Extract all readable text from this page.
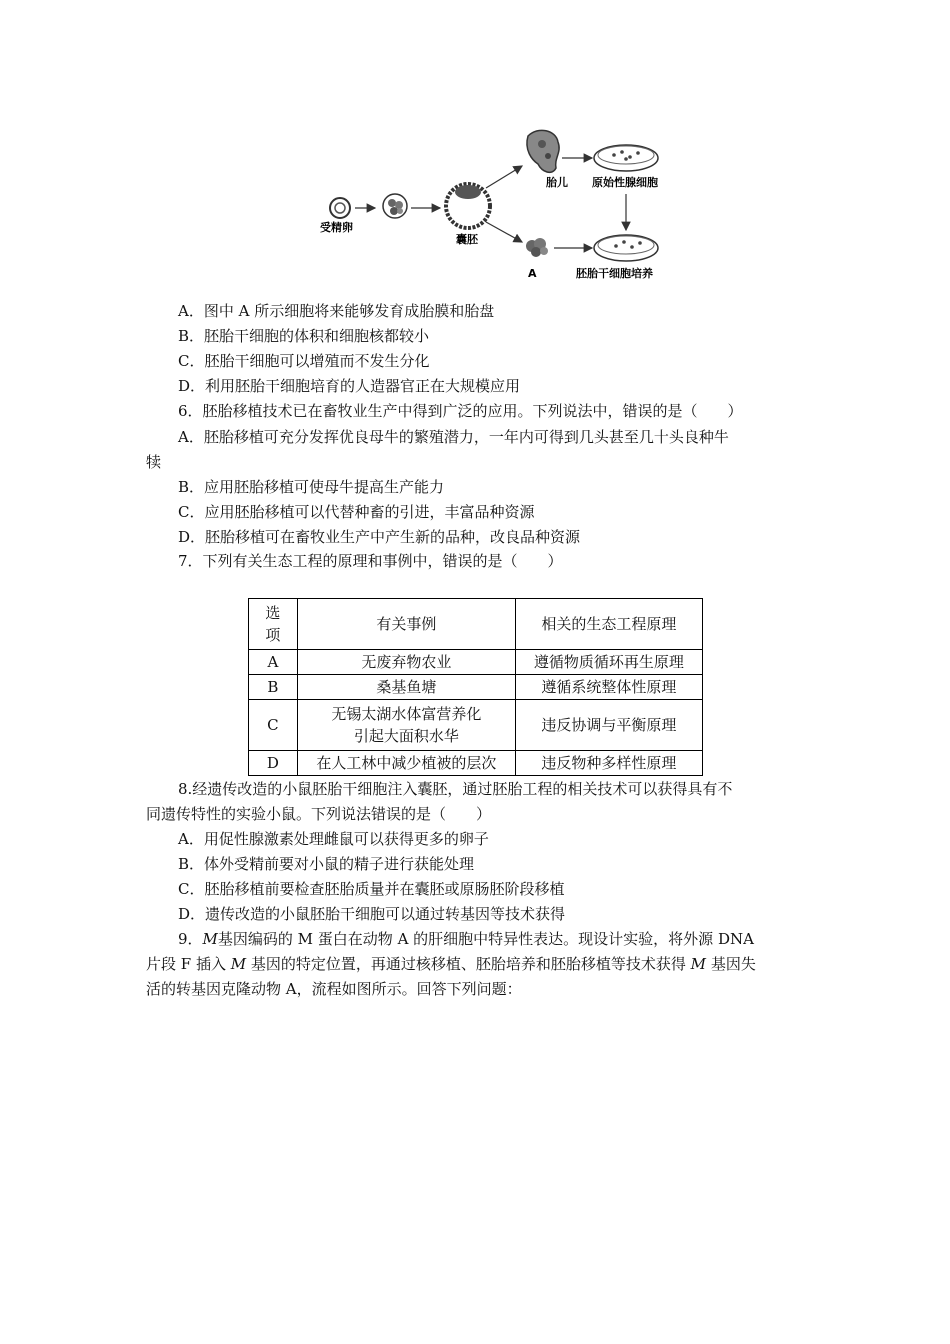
受精卵
囊胚
胎儿 原始性腺细胞
A	胚胎干细胞培养
A．图中 A 所示细胞将来能够发育成胎膜和胎盘
B．胚胎干细胞的体积和细胞核都较小
C．胚胎干细胞可以增殖而不发生分化
D．利用胚胎干细胞培育的人造器官正在大规模应用
6．胚胎移植技术已在畜牧业生产中得到广泛的应用。下列说法中，错误的是（　　）
A．胚胎移植可充分发挥优良母牛的繁殖潜力，一年内可得到几头甚至几十头良种牛
犊
B．应用胚胎移植可使母牛提高生产能力
C．应用胚胎移植可以代替种畜的引进，丰富品种资源
D．胚胎移植可在畜牧业生产中产生新的品种，改良品种资源
7．下列有关生态工程的原理和事例中，错误的是（　　）
选
项	有关事例	相关的生态工程原理
A	无废弃物农业	遵循物质循环再生原理
B	桑基鱼塘	遵循系统整体性原理
C	无锡太湖水体富营养化
引起大面积水华	违反协调与平衡原理
D	在人工林中减少植被的层次	违反物种多样性原理
8.经遗传改造的小鼠胚胎干细胞注入囊胚，通过胚胎工程的相关技术可以获得具有不
同遗传特性的实验小鼠。下列说法错误的是（　　）
A．用促性腺激素处理雌鼠可以获得更多的卵子
B．体外受精前要对小鼠的精子进行获能处理
C．胚胎移植前要检查胚胎质量并在囊胚或原肠胚阶段移植
D．遗传改造的小鼠胚胎干细胞可以通过转基因等技术获得
9．M基因编码的 M 蛋白在动物 A 的肝细胞中特异性表达。现设计实验，将外源 DNA
片段 F 插入 M 基因的特定位置，再通过核移植、胚胎培养和胚胎移植等技术获得 M 基因失
活的转基因克隆动物 A，流程如图所示。回答下列问题：
